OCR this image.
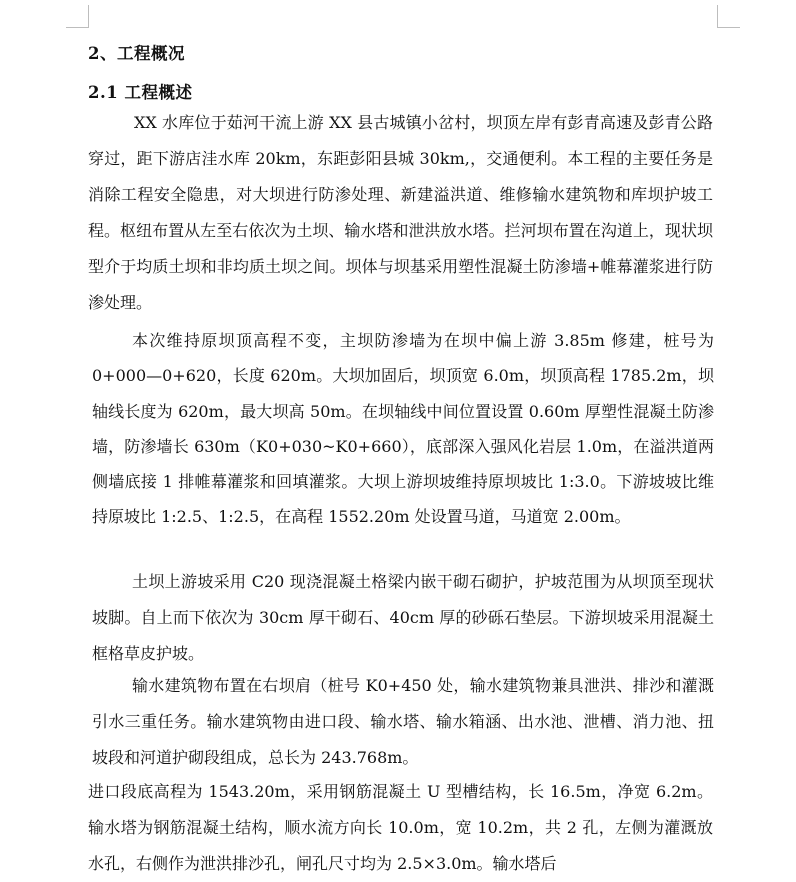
2、工程概况
2.1 工程概述

XX 水库位于茹河干流上游 XX 县古城镇小岔村，坝顶左岸有彭青高速及彭青公路穿过，距下游店洼水库 20km，东距彭阳县城 30km,，交通便利。本工程的主要任务是消除工程安全隐患，对大坝进行防渗处理、新建溢洪道、维修输水建筑物和库坝护坡工程。枢纽布置从左至右依次为土坝、输水塔和泄洪放水塔。拦河坝布置在沟道上，现状坝型介于均质土坝和非均质土坝之间。坝体与坝基采用塑性混凝土防渗墙+帷幕灌浆进行防渗处理。

本次维持原坝顶高程不变，主坝防渗墙为在坝中偏上游 3.85m 修建，桩号为 0+000—0+620，长度 620m。大坝加固后，坝顶宽 6.0m，坝顶高程 1785.2m，坝轴线长度为 620m，最大坝高 50m。在坝轴线中间位置设置 0.60m 厚塑性混凝土防渗墙，防渗墙长 630m（K0+030~K0+660），底部深入强风化岩层 1.0m，在溢洪道两侧墙底接 1 排帷幕灌浆和回填灌浆。大坝上游坝坡维持原坝坡比 1:3.0。下游坡坡比维持原坡比 1:2.5、1:2.5，在高程 1552.20m 处设置马道，马道宽 2.00m。

土坝上游坡采用 C20 现浇混凝土格梁内嵌干砌石砌护，护坡范围为从坝顶至现状坡脚。自上而下依次为 30cm 厚干砌石、40cm 厚的砂砾石垫层。下游坝坡采用混凝土框格草皮护坡。

输水建筑物布置在右坝肩（桩号 K0+450 处，输水建筑物兼具泄洪、排沙和灌溉引水三重任务。输水建筑物由进口段、输水塔、输水箱涵、出水池、泄槽、消力池、扭坡段和河道护砌段组成，总长为 243.768m。

进口段底高程为 1543.20m，采用钢筋混凝土 U 型槽结构，长 16.5m，净宽 6.2m。输水塔为钢筋混凝土结构，顺水流方向长 10.0m，宽 10.2m，共 2 孔，左侧为灌溉放水孔，右侧作为泄洪排沙孔，闸孔尺寸均为 2.5×3.0m。输水塔后
